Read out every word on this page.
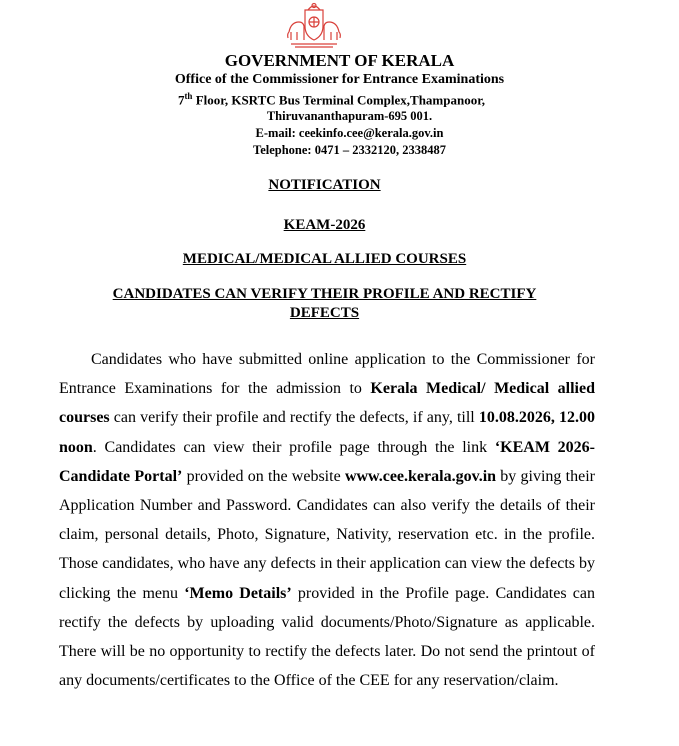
GOVERNMENT OF KERALA
Office of the Commissioner for Entrance Examinations
7th Floor, KSRTC Bus Terminal Complex,Thampanoor,
Thiruvananthapuram-695 001.
E-mail: ceekinfo.cee@kerala.gov.in
Telephone: 0471 – 2332120, 2338487
NOTIFICATION
KEAM-2026
MEDICAL/MEDICAL ALLIED COURSES
CANDIDATES CAN VERIFY THEIR PROFILE AND RECTIFY DEFECTS

Candidates who have submitted online application to the Commissioner for Entrance Examinations for the admission to Kerala Medical/ Medical allied courses can verify their profile and rectify the defects, if any, till 10.08.2026, 12.00 noon. Candidates can view their profile page through the link ‘KEAM 2026-Candidate Portal’ provided on the website www.cee.kerala.gov.in by giving their Application Number and Password. Candidates can also verify the details of their claim, personal details, Photo, Signature, Nativity, reservation etc. in the profile. Those candidates, who have any defects in their application can view the defects by clicking the menu ‘Memo Details’ provided in the Profile page. Candidates can rectify the defects by uploading valid documents/Photo/Signature as applicable. There will be no opportunity to rectify the defects later. Do not send the printout of any documents/certificates to the Office of the CEE for any reservation/claim.
